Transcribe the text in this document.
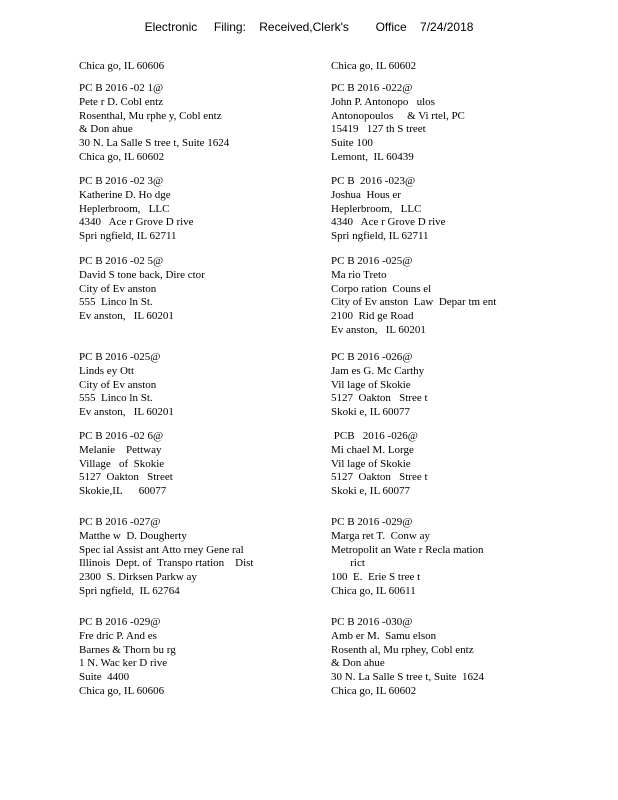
Electronic     Filing:    Received,Clerk's        Office    7/24/2018
Chica go, IL 60606	Chica go, IL 60602
PC B 2016 -02 1@
Pete r D. Cobl entz
Rosenthal, Mu rphe y, Cobl entz
& Don ahue
30 N. La Salle S tree t, Suite 1624
Chica go, IL 60602
PC B 2016 -022@
John P. Antonopo   ulos
Antonopoulos     & Vi rtel, PC
15419   127 th S treet
Suite 100
Lemont,  IL 60439
PC B 2016 -02 3@
Katherine D. Ho dge
Heplerbroom,   LLC
4340   Ace r Grove D rive
Spri ngfield, IL 62711
PC B  2016 -023@
Joshua  Hous er
Heplerbroom,   LLC
4340   Ace r Grove D rive
Spri ngfield, IL 62711
PC B 2016 -02 5@
David S tone back, Dire ctor
City of Ev anston
555  Linco ln St.
Ev anston,   IL 60201
PC B 2016 -025@
Ma rio Treto
Corpo ration  Couns el
City of Ev anston  Law  Depar tm ent
2100  Rid ge Road
Ev anston,   IL 60201
PC B 2016 -025@
Linds ey Ott
City of Ev anston
555  Linco ln St.
Ev anston,   IL 60201
PC B 2016 -026@
Jam es G. Mc Carthy
Vil lage of Skokie
5127  Oakton   Stree t
Skoki e, IL 60077
PC B 2016 -02 6@
Melanie    Pettway
Village   of  Skokie
5127  Oakton   Street
Skokie,IL      60077
PCB   2016 -026@
Mi chael M. Lorge
Vil lage of Skokie
5127  Oakton   Stree t
Skoki e, IL 60077
PC B 2016 -027@
Matthe w  D. Dougherty
Spec ial Assist ant Atto rney Gene ral
Illinois  Dept. of  Transpo rtation    Dist
2300  S. Dirksen Parkw ay
Spri ngfield,  IL 62764
PC B 2016 -029@
Marga ret T.  Conw ay
Metropolit an Wate r Recla mation
rict
100  E.  Erie S tree t
Chica go, IL 60611
PC B 2016 -029@
Fre dric P. And es
Barnes & Thorn bu rg
1 N. Wac ker D rive
Suite  4400
Chica go, IL 60606
PC B 2016 -030@
Amb er M.  Samu elson
Rosenth al, Mu rphey, Cobl entz
& Don ahue
30 N. La Salle S tree t, Suite  1624
Chica go, IL 60602
